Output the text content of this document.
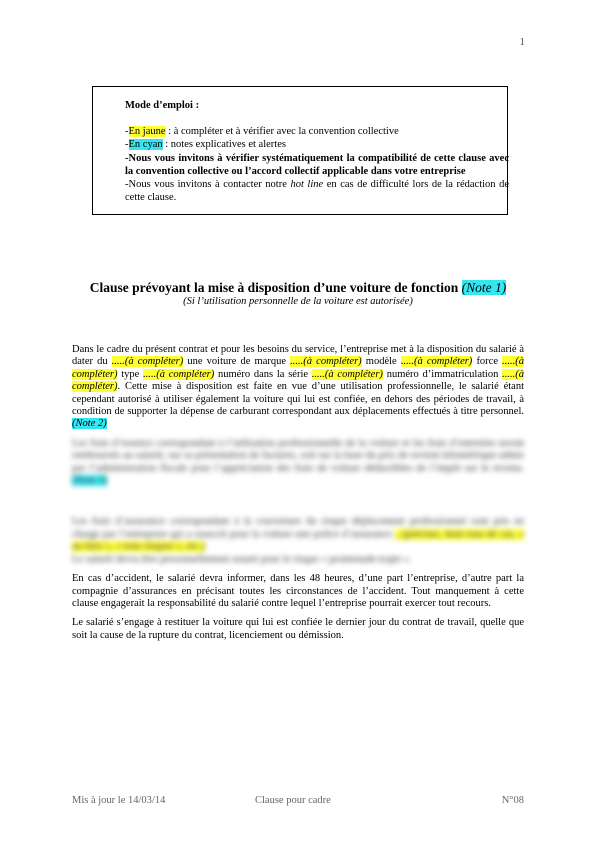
1
Mode d’emploi :
-En jaune : à compléter et à vérifier avec la convention collective
-En cyan : notes explicatives et alertes
-Nous vous invitons à vérifier systématiquement la compatibilité de cette clause avec la convention collective ou l’accord collectif applicable dans votre entreprise
-Nous vous invitons à contacter notre hot line en cas de difficulté lors de la rédaction de cette clause.
Clause prévoyant la mise à disposition d’une voiture de fonction (Note 1)
(Si l’utilisation personnelle de la voiture est autorisée)

Dans le cadre du présent contrat et pour les besoins du service, l’entreprise met à la disposition du salarié à dater du .....(à compléter) une voiture de marque .....(à compléter) modèle .....(à compléter) force .....(à compléter) type .....(à compléter) numéro dans la série .....(à compléter) numéro d’immatriculation .....(à compléter). Cette mise à disposition est faite en vue d’une utilisation professionnelle, le salarié étant cependant autorisé à utiliser également la voiture qui lui est confiée, en dehors des périodes de travail, à condition de supporter la dépense de carburant correspondant aux déplacements effectués à titre personnel. (Note 2)

Les frais d’essence correspondant à l’utilisation professionnelle de la voiture et les frais d’entretien seront remboursés au salarié, sur sa présentation de factures, soit sur la base du prix de revient kilométrique admis par l’administration fiscale pour l’appréciation des frais de voiture déductibles de l’impôt sur le revenu. (Note 3)

Les frais d’assurance correspondant à la couverture du risque déplacement professionnel sont pris en charge par l’entreprise qui a souscrit pour la voiture une police d’assurance ...(préciser, dont tous de cas, « au tiers », « tous risques », etc.)
Le salarié devra être personnellement assuré pour le risque « promenade-trajet ».

En cas d’accident, le salarié devra informer, dans les 48 heures, d’une part l’entreprise, d’autre part la compagnie d’assurances en précisant toutes les circonstances de l’accident. Tout manquement à cette clause engagerait la responsabilité du salarié contre lequel l’entreprise pourrait exercer tout recours.

Le salarié s’engage à restituer la voiture qui lui est confiée le dernier jour du contrat de travail, quelle que soit la cause de la rupture du contrat, licenciement ou démission.

Mis à jour le 14/03/14	Clause pour cadre	N°08
